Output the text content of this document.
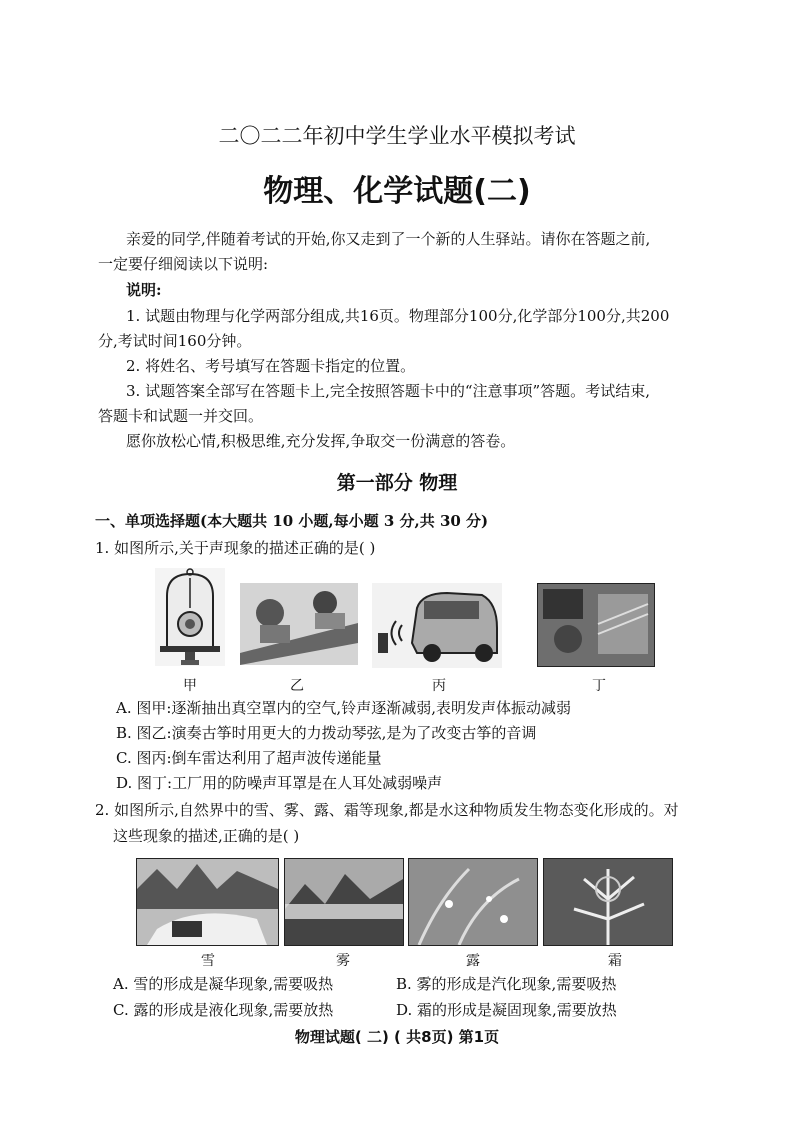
二〇二二年初中学生学业水平模拟考试
物理、化学试题(二)
亲爱的同学,伴随着考试的开始,你又走到了一个新的人生驿站。请你在答题之前,
一定要仔细阅读以下说明:
说明:
1. 试题由物理与化学两部分组成,共16页。物理部分100分,化学部分100分,共200
分,考试时间160分钟。
2. 将姓名、考号填写在答题卡指定的位置。
3. 试题答案全部写在答题卡上,完全按照答题卡中的“注意事项”答题。考试结束,
答题卡和试题一并交回。
愿你放松心情,积极思维,充分发挥,争取交一份满意的答卷。
第一部分 物理
一、单项选择题(本大题共 10 小题,每小题 3 分,共 30 分)
1. 如图所示,关于声现象的描述正确的是( )
甲	乙	丙	丁
A. 图甲:逐渐抽出真空罩内的空气,铃声逐渐减弱,表明发声体振动减弱
B. 图乙:演奏古筝时用更大的力拨动琴弦,是为了改变古筝的音调
C. 图丙:倒车雷达利用了超声波传递能量
D. 图丁:工厂用的防噪声耳罩是在人耳处减弱噪声
2. 如图所示,自然界中的雪、雾、露、霜等现象,都是水这种物质发生物态变化形成的。对
这些现象的描述,正确的是( )
雪	雾	露	霜
A. 雪的形成是凝华现象,需要吸热	B. 雾的形成是汽化现象,需要吸热
C. 露的形成是液化现象,需要放热	D. 霜的形成是凝固现象,需要放热
物理试题( 二) ( 共8页) 第1页
